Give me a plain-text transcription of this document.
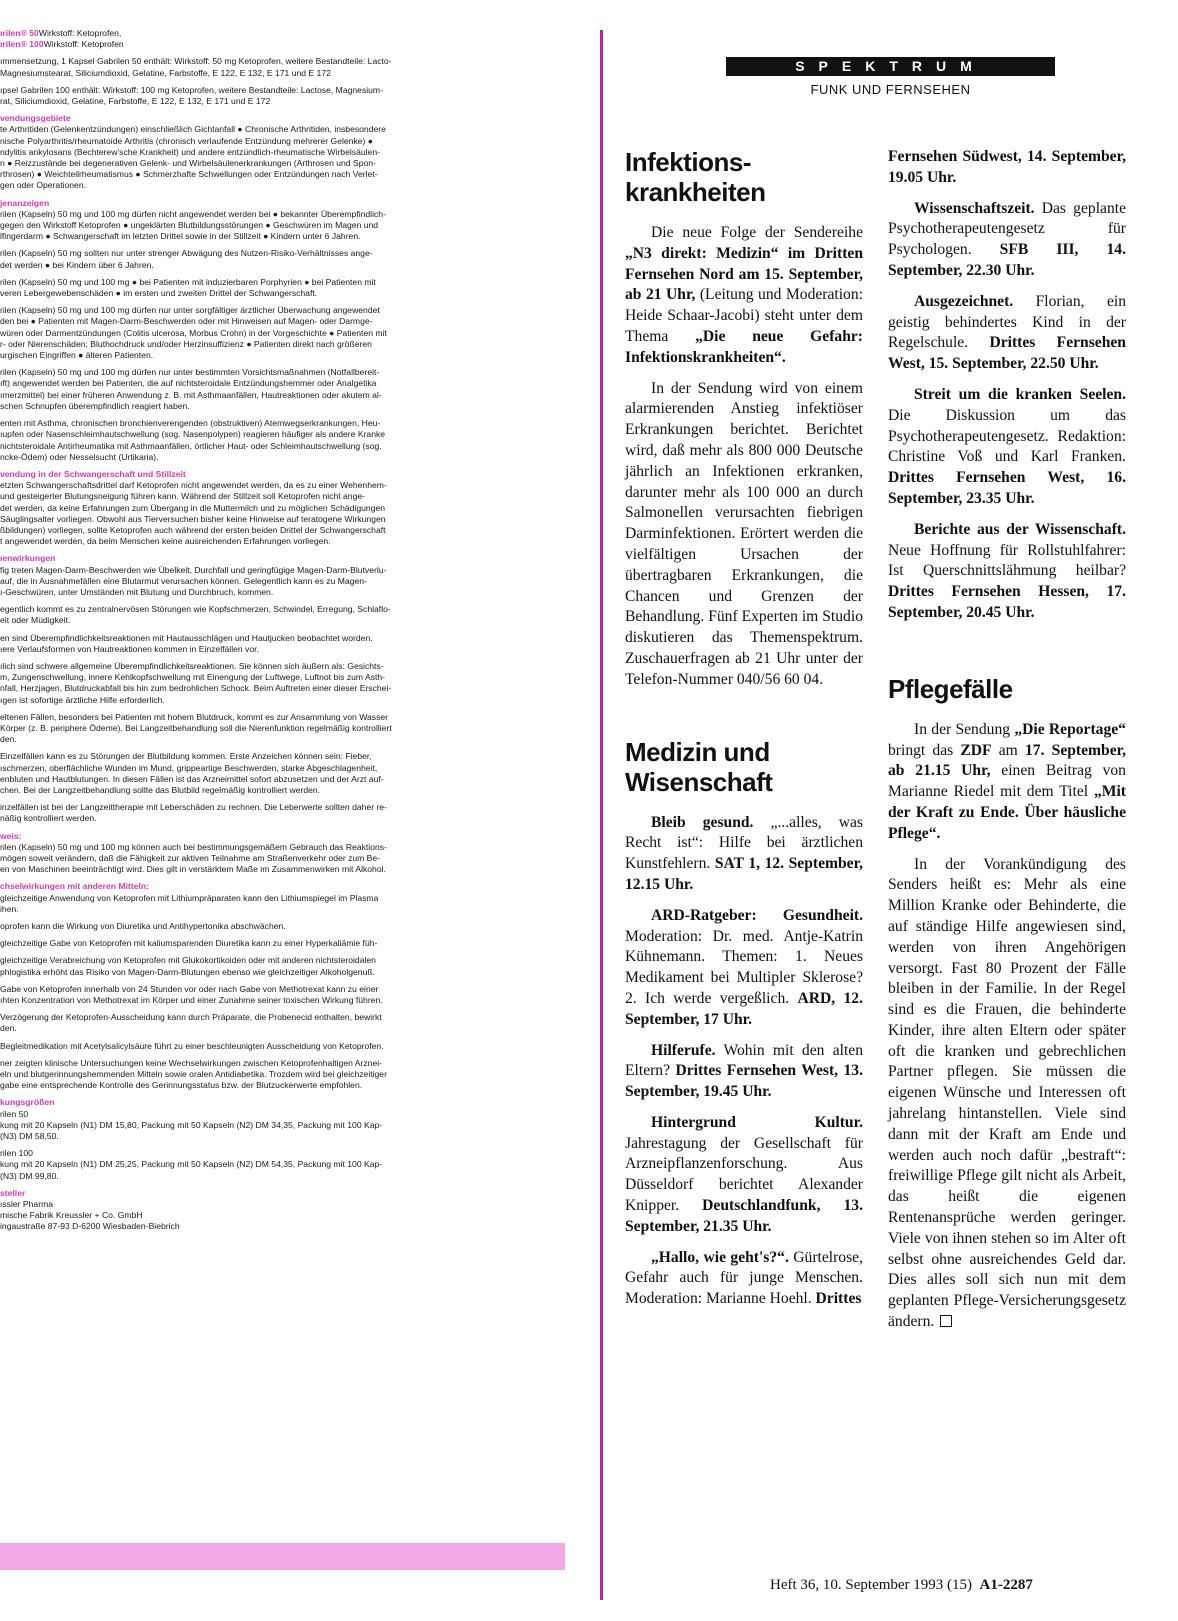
ırilen® 50Wirkstoff: Ketoprofen,
ırilen® 100Wirkstoff: Ketoprofen
ımmensetzung, 1 Kapsel Gabrilen 50 enthält: Wirkstoff: 50 mg Ketoprofen, weitere Bestandteile: Lacto-
Magnesiumstearat, Siliciumdioxid, Gelatine, Farbstoffe, E 122, E 132, E 171 und E 172
ıpsel Gabrilen 100 enthält: Wirkstoff: 100 mg Ketoprofen, weitere Bestandteile: Lactose, Magnesium-
rat, Siliciumdioxid, Gelatine, Farbstoffe, E 122, E 132, E 171 und E 172
vendungsgebiete
te Arthritiden (Gelenkentzündungen) einschließlich Gichtanfall ● Chronische Arthritiden, insbesondere
nische Polyarthritis/rheumatoide Arthritis (chronisch verlaufende Entzündung mehrerer Gelenke) ●
ndylitis ankylosans (Bechterew'sche Krankheit) und andere entzündlich-rheumatische Wirbelsäulen-
n ● Reizzustände bei degenerativen Gelenk- und Wirbelsäulenerkrankungen (Arthrosen und Spon-
rthrosen) ● Weichteilrheumatismus ● Schmerzhafte Schwellungen oder Entzündungen nach Verlet-
gen oder Operationen.
jenanzeigen
rilen (Kapseln) 50 mg und 100 mg dürfen nicht angewendet werden bei ● bekannter Überempfindlich-
gegen den Wirkstoff Ketoprofen ● ungeklärten Blutbildungsstörungen ● Geschwüren im Magen und
lfingerdarm ● Schwangerschaft im letzten Drittel sowie in der Stillzeit ● Kindern unter 6 Jahren.
rilen (Kapseln) 50 mg sollten nur unter strenger Abwägung des Nutzen-Risiko-Verhältnisses ange-
det werden ● bei Kindern über 6 Jahren.
rilen (Kapseln) 50 mg und 100 mg ● bei Patienten mit induzierbaren Porphyrien ● bei Patienten mit
veren Lebergewebenschäden ● im ersten und zweiten Drittel der Schwangerschaft.
rilen (Kapseln) 50 mg und 100 mg dürfen nur unter sorgfältiger ärztlicher Überwachung angewendet
den bei ● Patienten mit Magen-Darm-Beschwerden oder mit Hinweisen auf Magen- oder Darmge-
würen oder Darmentzündungen (Colitis ulcerosa, Morbus Crohn) in der Vorgeschichte ● Patienten mit
r- oder Nierenschäden; Bluthochdruck und/oder Herzinsuffizienz ● Patienten direkt nach größeren
urgischen Eingriffen ● älteren Patienten.
rilen (Kapseln) 50 mg und 100 mg dürfen nur unter bestimmten Vorsichtsmaßnahmen (Notfallbereit-
ıft) angewendet werden bei Patienten, die auf nichtsteroidale Entzündungshemmer oder Analgetika
ımerzmittel) bei einer früheren Anwendung z. B. mit Asthmaanfällen, Hautreaktionen oder akutem al-
schen Schnupfen überempfindlich reagiert haben.
enten mit Asthma, chronischen bronchienverengenden (obstruktiven) Atemwegserkrankungen, Heu-
ıupfen oder Nasenschleimhautschwellung (sog. Nasenpolypen) reagieren häufiger als andere Kranke
nichtsteroidale Antirheumatika mit Asthmaanfällen, örtlicher Haut- oder Schleimhautschwellung (sog.
ncke-Ödem) oder Nesselsucht (Urtikaria).
vendung in der Schwangerschaft und Stillzeit
etzten Schwangerschaftsdrittel darf Ketoprofen nicht angewendet werden, da es zu einer Wehenhem-
und gesteigerter Blutungsneigung führen kann. Während der Stillzeit soll Ketoprofen nicht ange-
det werden, da keine Erfahrungen zum Übergang in die Muttermilch und zu möglichen Schädigungen
Säuglingsalter vorliegen. Obwohl aus Tierversuchen bisher keine Hinweise auf teratogene Wirkungen
ßbildungen) vorliegen, sollte Ketoprofen auch während der ersten beiden Drittel der Schwangerschaft
t angewendet werden, da beim Menschen keine ausreichenden Erfahrungen vorliegen.
ıenwirkungen
fig treten Magen-Darm-Beschwerden wie Übelkeit, Durchfall und geringfügige Magen-Darm-Blutverlu-
auf, die in Ausnahmefällen eine Blutarmut verursachen können. Gelegentlich kann es zu Magen-
ı-Geschwüren, unter Umständen mit Blutung und Durchbruch, kommen.
egentlich kommt es zu zentralnervösen Störungen wie Kopfschmerzen, Schwindel, Erregung, Schlaflo-
eit oder Müdigkeit.
en sind Überempfindlichkeitsreaktionen mit Hautausschlägen und Hautjucken beobachtet worden.
ıere Verlaufsformen von Hautreaktionen kommen in Einzelfällen vor.
ılich sind schwere allgemeine Überempfindlichkeitsreaktionen. Sie können sich äußern als: Gesichts-
m, Zungenschwellung, innere Kehlkopfschwellung mit Einengung der Luftwege, Luftnot bis zum Asth-
nfall, Herzjagen, Blutdruckabfall bis hin zum bedrohlichen Schock. Beim Auftreten einer dieser Erschei-
ıgen ist sofortige ärztliche Hilfe erforderlich.
eltenen Fällen, besonders bei Patienten mit hohem Blutdruck, kommt es zur Ansammlung von Wasser
Körper (z. B. periphere Ödeme). Bei Langzeitbehandlung soll die Nierenfunktion regelmäßig kontrolliert
den.
Einzelfällen kann es zu Störungen der Blutbildung kommen. Erste Anzeichen können sein: Fieber,
ıschmerzen, oberflächliche Wunden im Mund, grippeartige Beschwerden, starke Abgeschlagenheit,
enbluten und Hautblutungen. In diesen Fällen ist das Arzneimittel sofort abzusetzen und der Arzt auf-
chen. Bei der Langzeitbehandlung sollte das Blutbild regelmäßig kontrolliert werden.
inzelfällen ist bei der Langzeittherapie mit Leberschäden zu rechnen. Die Leberwerte sollten daher re-
näßig kontrolliert werden.
weis:
rilen (Kapseln) 50 mg und 100 mg können auch bei bestimmungsgemäßem Gebrauch das Reaktions-
mögen soweit verändern, daß die Fähigkeit zur aktiven Teilnahme am Straßenverkehr oder zum Be-
en von Maschinen beeinträchtigt wird. Dies gilt in verstärktem Maße im Zusammenwirken mit Alkohol.
chselwirkungen mit anderen Mitteln:
gleichzeitige Anwendung von Ketoprofen mit Lithiumpräparaten kann den Lithiumspiegel im Plasma
ihen.
oprofen kann die Wirkung von Diuretika und Antihypertonika abschwächen.
gleichzeitige Gabe von Ketoprofen mit kaliumsparenden Diuretika kann zu einer Hyperkaliämie füh-
gleichzeitige Verabreichung von Ketoprofen mit Glukokortikoiden oder mit anderen nichtsteroidalen
phlogistika erhöht das Risiko von Magen-Darm-Blutungen ebenso wie gleichzeitiger Alkoholgenuß.
Gabe von Ketoprofen innerhalb von 24 Stunden vor oder nach Gabe von Methotrexat kann zu einer
ıhten Konzentration von Methotrexat im Körper und einer Zunahme seiner toxischen Wirkung führen.
Verzögerung der Ketoprofen-Ausscheidung kann durch Präparate, die Probenecid enthalten, bewirkt
den.
Begleitmedikation mit Acetylsalicylsäure führt zu einer beschleunigten Ausscheidung von Ketoprofen.
ner zeigten klinische Untersuchungen keine Wechselwirkungen zwischen Ketoprofenhaltigen Arznei-
eln und blutgerinnungshemmenden Mitteln sowie oralen Antidiabetika. Trozdem wird bei gleichzeitiger
gabe eine entsprechende Kontrolle des Gerinnungsstatus bzw. der Blutzuckerwerte empfohlen.
kungsgrößen
rilen 50
kung mit 20 Kapseln (N1) DM 15,80, Packung mit 50 Kapseln (N2) DM 34,35, Packung mit 100 Kap-
(N3) DM 58,50.
rilen 100
kung mit 20 Kapseln (N1) DM 25,25, Packung mit 50 Kapseln (N2) DM 54,35, Packung mit 100 Kap-
(N3) DM 99,80.
steller
ıssler Pharma
mische Fabrik Kreussler + Co. GmbH
ingaustraße 87-93 D-6200 Wiesbaden-Biebrich
SPEKTRUM
FUNK UND FERNSEHEN
Infektions-krankheiten

Die neue Folge der Sendereihe „N3 direkt: Medizin“ im Dritten Fernsehen Nord am 15. September, ab 21 Uhr, (Leitung und Moderation: Heide Schaar-Jacobi) steht unter dem Thema „Die neue Gefahr: Infektionskrankheiten“.

In der Sendung wird von einem alarmierenden Anstieg infektiöser Erkrankungen berichtet. Berichtet wird, daß mehr als 800 000 Deutsche jährlich an Infektionen erkranken, darunter mehr als 100 000 an durch Salmonellen verursachten fiebrigen Darminfektionen. Erörtert werden die vielfältigen Ursachen der übertragbaren Erkrankungen, die Chancen und Grenzen der Behandlung. Fünf Experten im Studio diskutieren das Themenspektrum. Zuschauerfragen ab 21 Uhr unter der Telefon-Nummer 040/56 60 04.

Medizin und Wisenschaft

Bleib gesund. „...alles, was Recht ist“: Hilfe bei ärztlichen Kunstfehlern. SAT 1, 12. September, 12.15 Uhr.

ARD-Ratgeber: Gesundheit. Moderation: Dr. med. Antje-Katrin Kühnemann. Themen: 1. Neues Medikament bei Multipler Sklerose? 2. Ich werde vergeßlich. ARD, 12. September, 17 Uhr.

Hilferufe. Wohin mit den alten Eltern? Drittes Fernsehen West, 13. September, 19.45 Uhr.

Hintergrund Kultur. Jahrestagung der Gesellschaft für Arzneipflanzenforschung. Aus Düsseldorf berichtet Alexander Knipper. Deutschlandfunk, 13. September, 21.35 Uhr.

„Hallo, wie geht's?“. Gürtelrose, Gefahr auch für junge Menschen. Moderation: Marianne Hoehl. Drittes

Fernsehen Südwest, 14. September, 19.05 Uhr.

Wissenschaftszeit. Das geplante Psychotherapeutengesetz für Psychologen. SFB III, 14. September, 22.30 Uhr.

Ausgezeichnet. Florian, ein geistig behindertes Kind in der Regelschule. Drittes Fernsehen West, 15. September, 22.50 Uhr.

Streit um die kranken Seelen. Die Diskussion um das Psychotherapeutengesetz. Redaktion: Christine Voß und Karl Franken. Drittes Fernsehen West, 16. September, 23.35 Uhr.

Berichte aus der Wissenschaft. Neue Hoffnung für Rollstuhlfahrer: Ist Querschnittslähmung heilbar? Drittes Fernsehen Hessen, 17. September, 20.45 Uhr.

Pflegefälle

In der Sendung „Die Reportage“ bringt das ZDF am 17. September, ab 21.15 Uhr, einen Beitrag von Marianne Riedel mit dem Titel „Mit der Kraft zu Ende. Über häusliche Pflege“.

In der Vorankündigung des Senders heißt es: Mehr als eine Million Kranke oder Behinderte, die auf ständige Hilfe angewiesen sind, werden von ihren Angehörigen versorgt. Fast 80 Prozent der Fälle bleiben in der Familie. In der Regel sind es die Frauen, die behinderte Kinder, ihre alten Eltern oder später oft die kranken und gebrechlichen Partner pflegen. Sie müssen die eigenen Wünsche und Interessen oft jahrelang hintanstellen. Viele sind dann mit der Kraft am Ende und werden auch noch dafür „bestraft“: freiwillige Pflege gilt nicht als Arbeit, das heißt die eigenen Rentenansprüche werden geringer. Viele von ihnen stehen so im Alter oft selbst ohne ausreichendes Geld dar. Dies alles soll sich nun mit dem geplanten Pflege-Versicherungsgesetz ändern.

Heft 36, 10. September 1993 (15) A1-2287
